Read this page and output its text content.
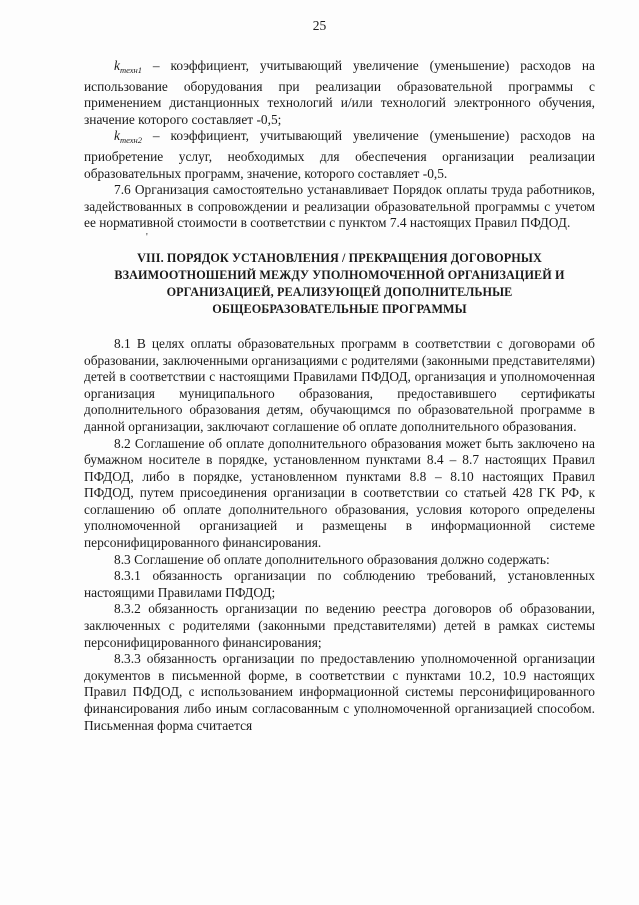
25

$k_{техн1}$ – коэффициент, учитывающий увеличение (уменьшение) расходов на использование оборудования при реализации образовательной программы с применением дистанционных технологий и/или технологий электронного обучения, значение которого составляет -0,5;

$k_{техн2}$ – коэффициент, учитывающий увеличение (уменьшение) расходов на приобретение услуг, необходимых для обеспечения организации реализации образовательных программ, значение, которого составляет -0,5.

7.6 Организация самостоятельно устанавливает Порядок оплаты труда работников, задействованных в сопровождении и реализации образовательной программы с учетом ее нормативной стоимости в соответствии с пунктом 7.4 настоящих Правил ПФДОД.

'
VIII. ПОРЯДОК УСТАНОВЛЕНИЯ / ПРЕКРАЩЕНИЯ ДОГОВОРНЫХ ВЗАИМООТНОШЕНИЙ МЕЖДУ УПОЛНОМОЧЕННОЙ ОРГАНИЗАЦИЕЙ И ОРГАНИЗАЦИЕЙ, РЕАЛИЗУЮЩЕЙ ДОПОЛНИТЕЛЬНЫЕ ОБЩЕОБРАЗОВАТЕЛЬНЫЕ ПРОГРАММЫ

8.1 В целях оплаты образовательных программ в соответствии с договорами об образовании, заключенными организациями с родителями (законными представителями) детей в соответствии с настоящими Правилами ПФДОД, организация и уполномоченная организация муниципального образования, предоставившего сертификаты дополнительного образования детям, обучающимся по образовательной программе в данной организации, заключают соглашение об оплате дополнительного образования.

8.2 Соглашение об оплате дополнительного образования может быть заключено на бумажном носителе в порядке, установленном пунктами 8.4 – 8.7 настоящих Правил ПФДОД, либо в порядке, установленном пунктами 8.8 – 8.10 настоящих Правил ПФДОД, путем присоединения организации в соответствии со статьей 428 ГК РФ, к соглашению об оплате дополнительного образования, условия которого определены уполномоченной организацией и размещены в информационной системе персонифицированного финансирования.

8.3 Соглашение об оплате дополнительного образования должно содержать:

8.3.1 обязанность организации по соблюдению требований, установленных настоящими Правилами ПФДОД;

8.3.2 обязанность организации по ведению реестра договоров об образовании, заключенных с родителями (законными представителями) детей в рамках системы персонифицированного финансирования;

8.3.3 обязанность организации по предоставлению уполномоченной организации документов в письменной форме, в соответствии с пунктами 10.2, 10.9 настоящих Правил ПФДОД, с использованием информационной системы персонифицированного финансирования либо иным согласованным с уполномоченной организацией способом. Письменная форма считается
